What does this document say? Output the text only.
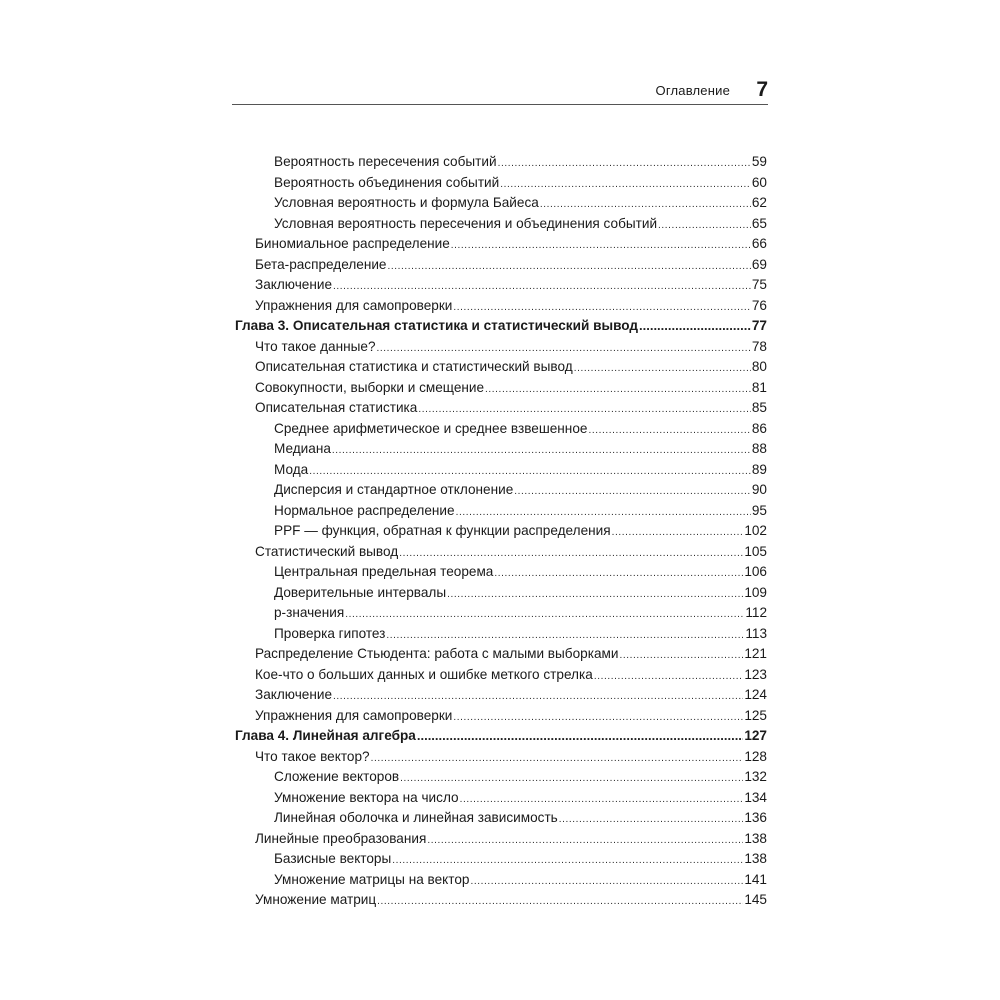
Оглавление 7
Вероятность пересечения событий .....	59
Вероятность объединения событий .....	60
Условная вероятность и формула Байеса .....	62
Условная вероятность пересечения и объединения событий .....	65
Биномиальное распределение .....	66
Бета-распределение .....	69
Заключение .....	75
Упражнения для самопроверки .....	76
Глава 3. Описательная статистика и статистический вывод .....	77
Что такое данные? .....	78
Описательная статистика и статистический вывод .....	80
Совокупности, выборки и смещение .....	81
Описательная статистика .....	85
Среднее арифметическое и среднее взвешенное .....	86
Медиана .....	88
Мода .....	89
Дисперсия и стандартное отклонение .....	90
Нормальное распределение .....	95
PPF — функция, обратная к функции распределения .....	102
Статистический вывод .....	105
Центральная предельная теорема .....	106
Доверительные интервалы .....	109
p-значения .....	112
Проверка гипотез .....	113
Распределение Стьюдента: работа с малыми выборками .....	121
Кое-что о больших данных и ошибке меткого стрелка .....	123
Заключение .....	124
Упражнения для самопроверки .....	125
Глава 4. Линейная алгебра .....	127
Что такое вектор? .....	128
Сложение векторов .....	132
Умножение вектора на число .....	134
Линейная оболочка и линейная зависимость .....	136
Линейные преобразования .....	138
Базисные векторы .....	138
Умножение матрицы на вектор .....	141
Умножение матриц .....	145
